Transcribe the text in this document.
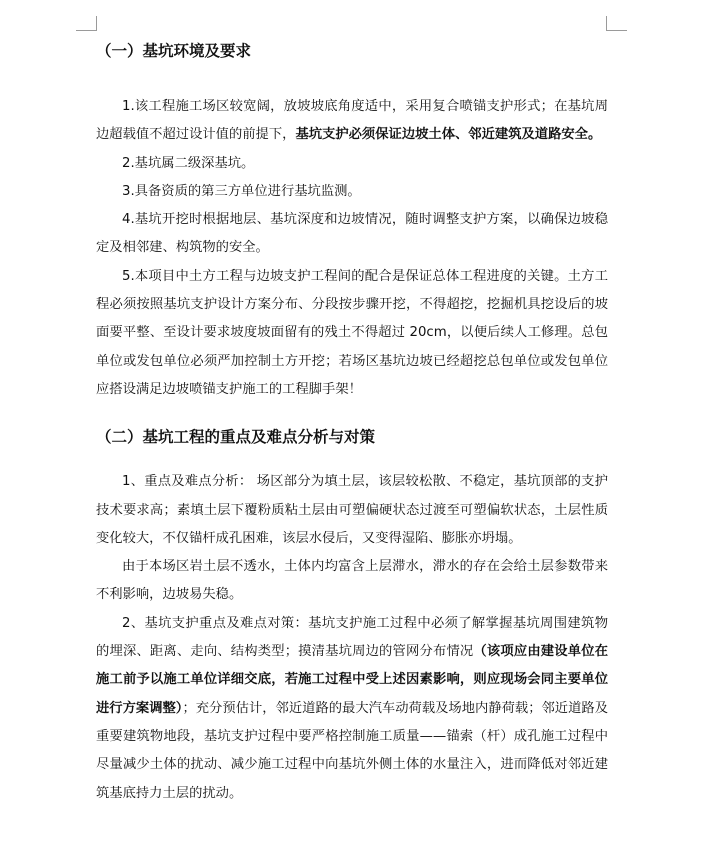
（一）基坑环境及要求

1.该工程施工场区较宽阔，放坡坡底角度适中，采用复合喷锚支护形式；在基坑周边超载值不超过设计值的前提下，基坑支护必须保证边坡土体、邻近建筑及道路安全。

2.基坑属二级深基坑。

3.具备资质的第三方单位进行基坑监测。

4.基坑开挖时根据地层、基坑深度和边坡情况，随时调整支护方案，以确保边坡稳定及相邻建、构筑物的安全。

5.本项目中土方工程与边坡支护工程间的配合是保证总体工程进度的关键。土方工程必须按照基坑支护设计方案分布、分段按步骤开挖，不得超挖，挖掘机具挖设后的坡面要平整、至设计要求坡度坡面留有的残土不得超过 20cm，以便后续人工修理。总包单位或发包单位必须严加控制土方开挖；若场区基坑边坡已经超挖总包单位或发包单位应搭设满足边坡喷锚支护施工的工程脚手架！

（二）基坑工程的重点及难点分析与对策

1、重点及难点分析： 场区部分为填土层，该层较松散、不稳定，基坑顶部的支护技术要求高；素填土层下覆粉质粘土层由可塑偏硬状态过渡至可塑偏软状态，土层性质变化较大，不仅锚杆成孔困难，该层水侵后，又变得湿陷、膨胀亦坍塌。

由于本场区岩土层不透水，土体内均富含上层滞水，滞水的存在会给土层参数带来不利影响，边坡易失稳。

2、基坑支护重点及难点对策：基坑支护施工过程中必须了解掌握基坑周围建筑物的埋深、距离、走向、结构类型；摸清基坑周边的管网分布情况（该项应由建设单位在施工前予以施工单位详细交底，若施工过程中受上述因素影响，则应现场会同主要单位进行方案调整）；充分预估计，邻近道路的最大汽车动荷载及场地内静荷载；邻近道路及重要建筑物地段，基坑支护过程中要严格控制施工质量——锚索（杆）成孔施工过程中尽量减少土体的扰动、减少施工过程中向基坑外侧土体的水量注入，进而降低对邻近建筑基底持力土层的扰动。
